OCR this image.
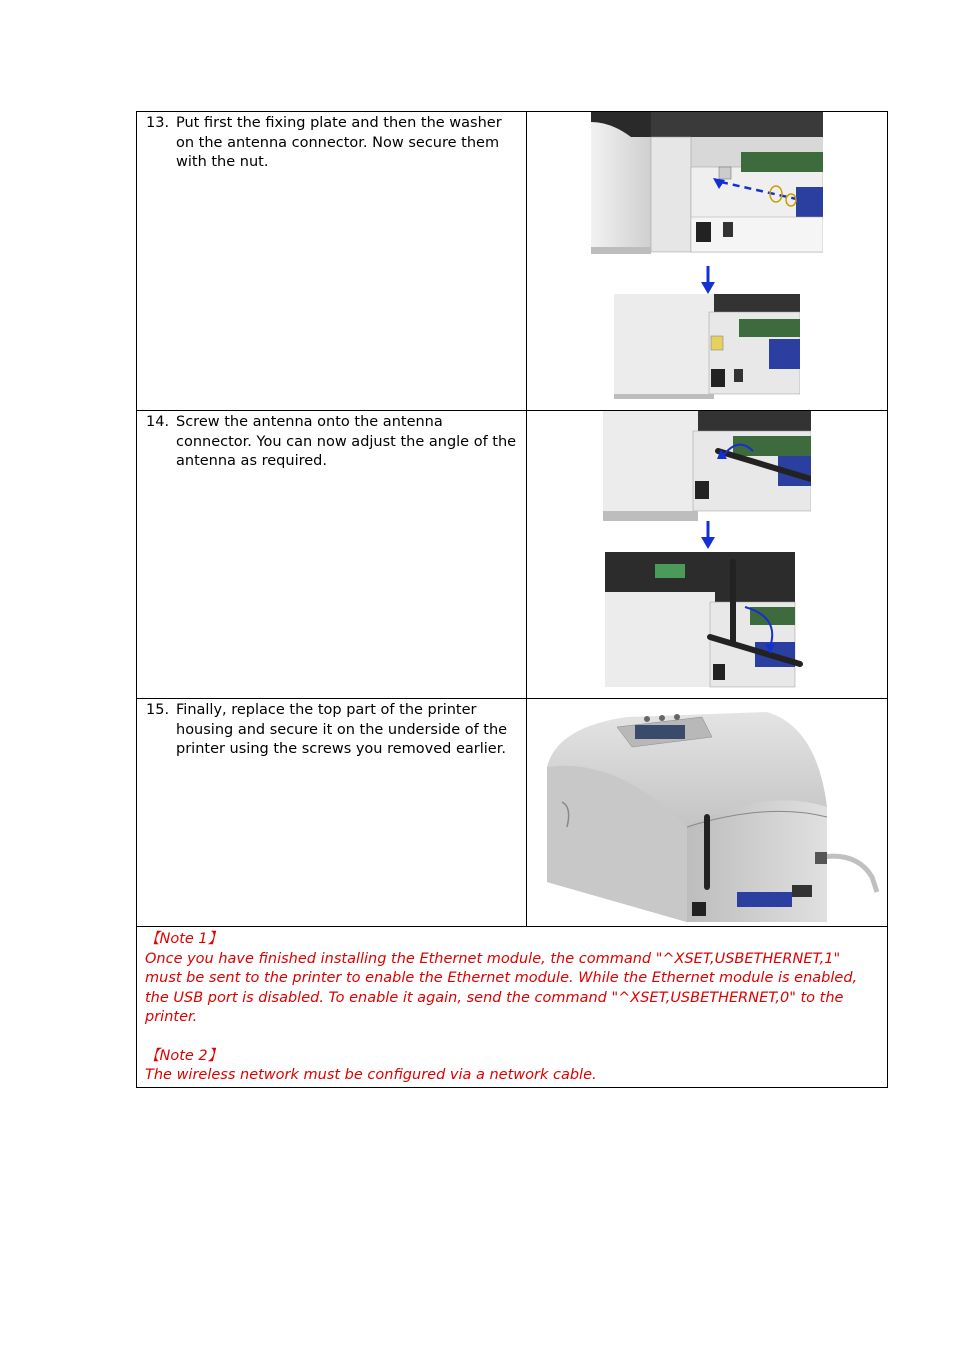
13. Put first the fixing plate and then the washer on the antenna connector. Now secure them with the nut.

14. Screw the antenna onto the antenna connector. You can now adjust the angle of the antenna as required.

15. Finally, replace the top part of the printer housing and secure it on the underside of the printer using the screws you removed earlier.

【Note 1】
Once you have finished installing the Ethernet module, the command "^XSET,USBETHERNET,1" must be sent to the printer to enable the Ethernet module. While the Ethernet module is enabled, the USB port is disabled. To enable it again, send the command "^XSET,USBETHERNET,0" to the printer.
【Note 2】
The wireless network must be configured via a network cable.	
